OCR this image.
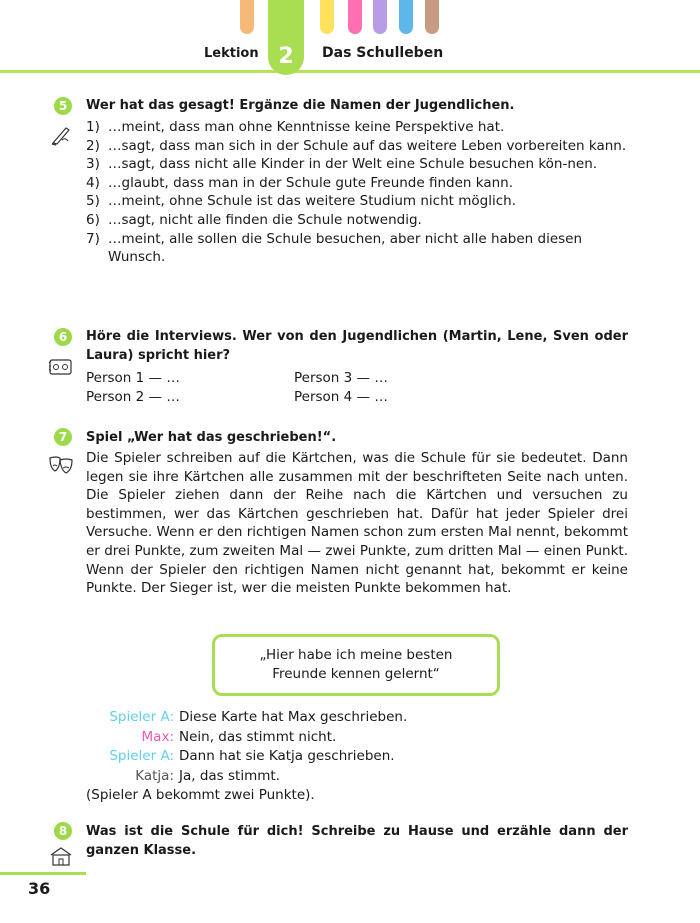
2
Lektion	Das Schulleben
5	Wer hat das gesagt! Ergänze die Namen der Jugendlichen.
1) …meint, dass man ohne Kenntnisse keine Perspektive hat.
2) …sagt, dass man sich in der Schule auf das weitere Leben vorbereiten kann.
3) …sagt, dass nicht alle Kinder in der Welt eine Schule besuchen kön-nen.
4) …glaubt, dass man in der Schule gute Freunde finden kann.
5) …meint, ohne Schule ist das weitere Studium nicht möglich.
6) …sagt, nicht alle finden die Schule notwendig.
7) …meint, alle sollen die Schule besuchen, aber nicht alle haben diesen Wunsch.
6	Höre die Interviews. Wer von den Jugendlichen (Martin, Lene, Sven oder Laura) spricht hier?
Person 1 — …	Person 3 — …
Person 2 — …	Person 4 — …
7	Spiel „Wer hat das geschrieben!“.
Die Spieler schreiben auf die Kärtchen, was die Schule für sie bedeutet. Dann legen sie ihre Kärtchen alle zusammen mit der beschrifteten Seite nach unten. Die Spieler ziehen dann der Reihe nach die Kärtchen und versuchen zu bestimmen, wer das Kärtchen geschrieben hat. Dafür hat jeder Spieler drei Versuche. Wenn er den richtigen Namen schon zum ersten Mal nennt, bekommt er drei Punkte, zum zweiten Mal — zwei Punkte, zum dritten Mal — einen Punkt. Wenn der Spieler den richtigen Namen nicht genannt hat, bekommt er keine Punkte. Der Sieger ist, wer die meisten Punkte bekommen hat.
„Hier habe ich meine besten
Freunde kennen gelernt“
Spieler A: Diese Karte hat Max geschrieben.
Max: Nein, das stimmt nicht.
Spieler A: Dann hat sie Katja geschrieben.
Katja: Ja, das stimmt.
(Spieler A bekommt zwei Punkte).
8	Was ist die Schule für dich! Schreibe zu Hause und erzähle dann der ganzen Klasse.
36
